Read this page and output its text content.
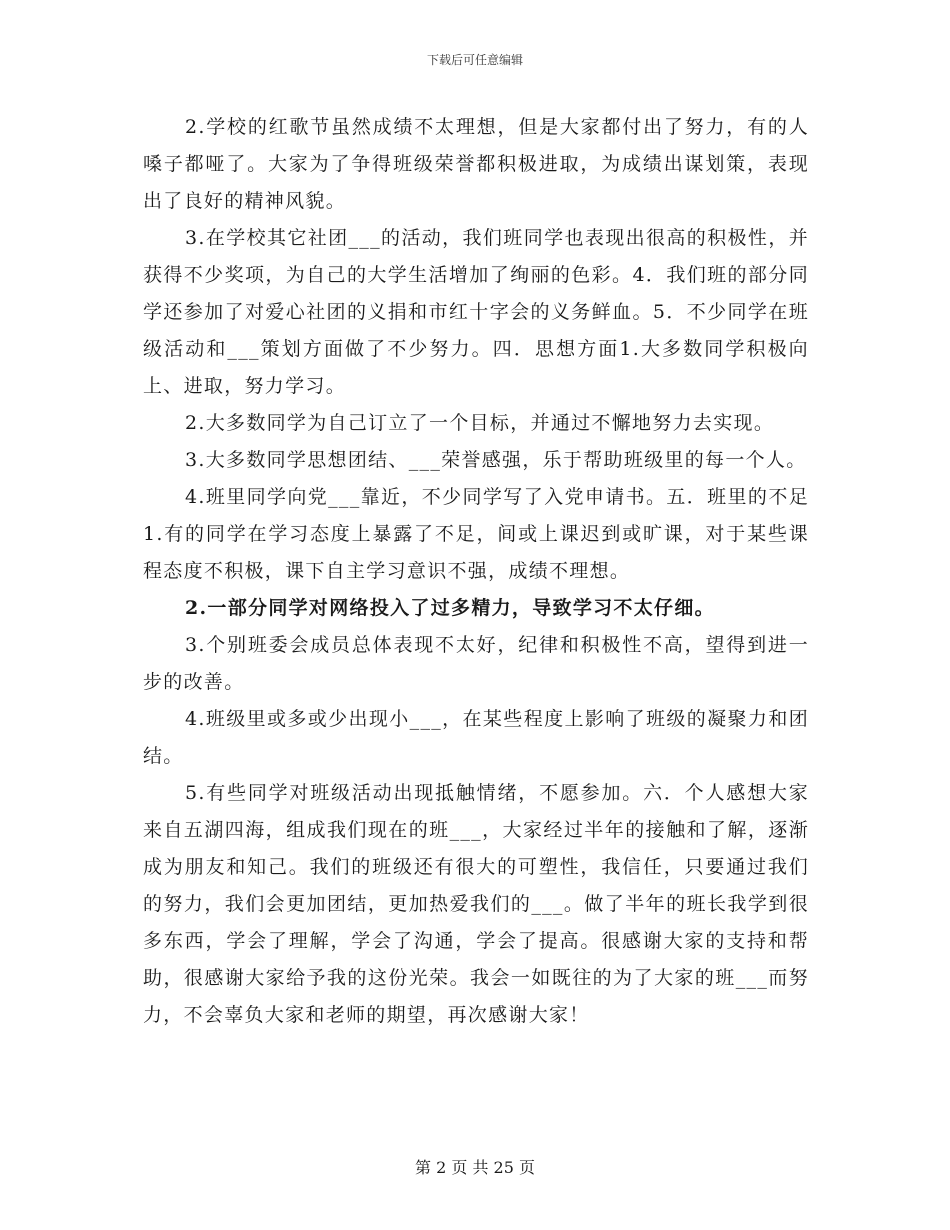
下载后可任意编辑

2.学校的红歌节虽然成绩不太理想，但是大家都付出了努力，有的人嗓子都哑了。大家为了争得班级荣誉都积极进取，为成绩出谋划策，表现出了良好的精神风貌。

3.在学校其它社团___的活动，我们班同学也表现出很高的积极性，并获得不少奖项，为自己的大学生活增加了绚丽的色彩。4．我们班的部分同学还参加了对爱心社团的义捐和市红十字会的义务鲜血。5．不少同学在班级活动和___策划方面做了不少努力。四．思想方面1.大多数同学积极向上、进取，努力学习。

2.大多数同学为自己订立了一个目标，并通过不懈地努力去实现。

3.大多数同学思想团结、___荣誉感强，乐于帮助班级里的每一个人。

4.班里同学向党___靠近，不少同学写了入党申请书。五．班里的不足1.有的同学在学习态度上暴露了不足，间或上课迟到或旷课，对于某些课程态度不积极，课下自主学习意识不强，成绩不理想。

2.一部分同学对网络投入了过多精力，导致学习不太仔细。

3.个别班委会成员总体表现不太好，纪律和积极性不高，望得到进一步的改善。

4.班级里或多或少出现小___，在某些程度上影响了班级的凝聚力和团结。

5.有些同学对班级活动出现抵触情绪，不愿参加。六．个人感想大家来自五湖四海，组成我们现在的班___，大家经过半年的接触和了解，逐渐成为朋友和知己。我们的班级还有很大的可塑性，我信任，只要通过我们的努力，我们会更加团结，更加热爱我们的___。做了半年的班长我学到很多东西，学会了理解，学会了沟通，学会了提高。很感谢大家的支持和帮助，很感谢大家给予我的这份光荣。我会一如既往的为了大家的班___而努力，不会辜负大家和老师的期望，再次感谢大家！

第 2 页 共 25 页
